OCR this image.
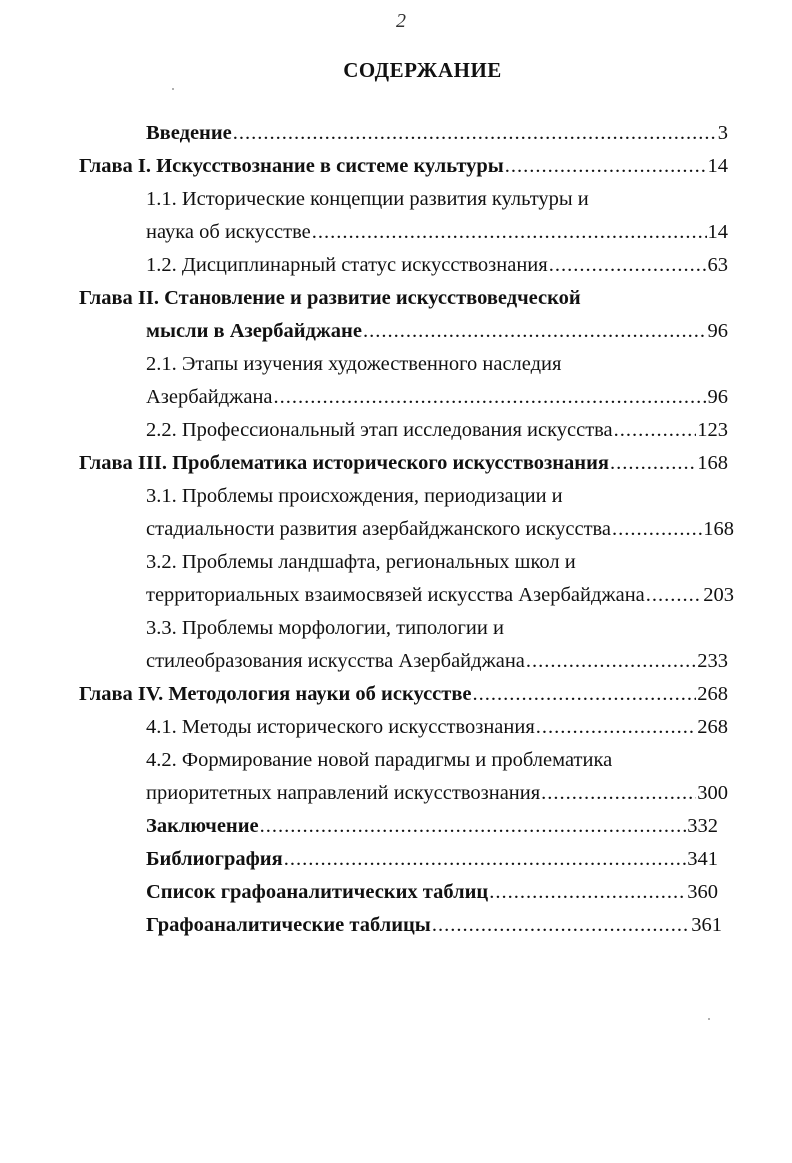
2
СОДЕРЖАНИЕ
Введение .....	3
Глава I. Искусствознание в системе культуры .....	14
1.1. Исторические концепции развития культуры и
наука об искусстве .....	14
1.2. Дисциплинарный статус искусствознания .....	63
Глава II. Становление и развитие искусствоведческой
мысли в Азербайджане .....	96
2.1. Этапы изучения художественного наследия
Азербайджана .....	96
2.2. Профессиональный этап исследования искусства .....	123
Глава III. Проблематика исторического искусствознания .....	168
3.1. Проблемы происхождения, периодизации и
стадиальности развития азербайджанского искусства .....	168
3.2. Проблемы ландшафта, региональных школ и
территориальных взаимосвязей искусства Азербайджана .....	203
3.3. Проблемы морфологии, типологии и
стилеобразования искусства Азербайджана .....	233
Глава IV. Методология науки об искусстве .....	268
4.1. Методы исторического искусствознания .....	268
4.2. Формирование новой парадигмы и проблематика
приоритетных направлений искусствознания .....	300
Заключение .....	332
Библиография .....	341
Список графоаналитических таблиц .....	360
Графоаналитические таблицы .....	361
